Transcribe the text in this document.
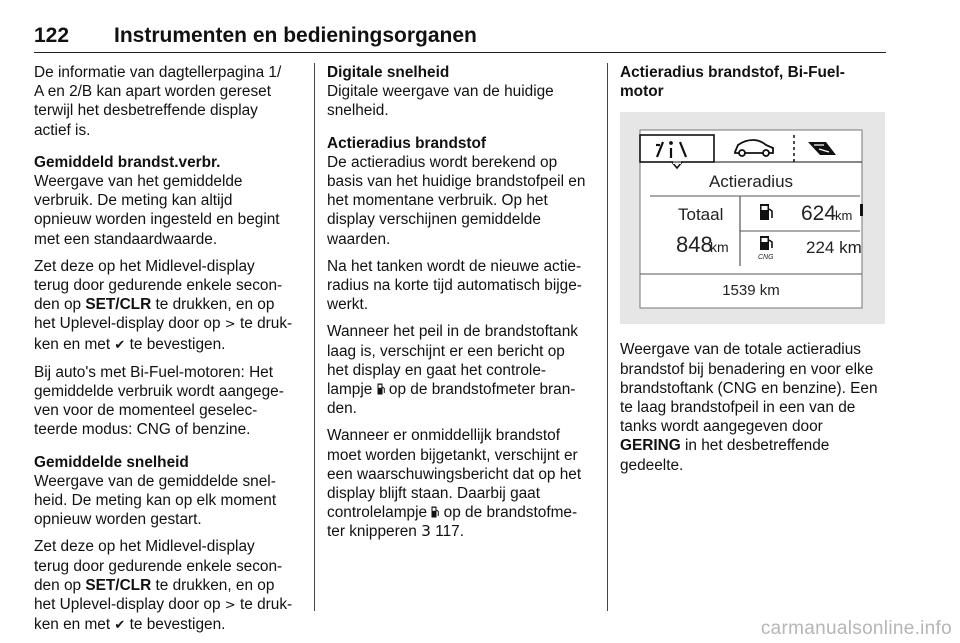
122 Instrumenten en bedieningsorganen

De informatie van dagtellerpagina 1/
A en 2/B kan apart worden gereset
terwijl het desbetreffende display
actief is.

Gemiddeld brandst.verbr.

Weergave van het gemiddelde
verbruik. De meting kan altijd
opnieuw worden ingesteld en begint
met een standaardwaarde.

Zet deze op het Midlevel-display
terug door gedurende enkele secon-
den op SET/CLR te drukken, en op
het Uplevel-display door op > te druk-
ken en met ✔ te bevestigen.

Bij auto's met Bi-Fuel-motoren: Het
gemiddelde verbruik wordt aangege-
ven voor de momenteel geselec-
teerde modus: CNG of benzine.

Gemiddelde snelheid

Weergave van de gemiddelde snel-
heid. De meting kan op elk moment
opnieuw worden gestart.

Zet deze op het Midlevel-display
terug door gedurende enkele secon-
den op SET/CLR te drukken, en op
het Uplevel-display door op > te druk-
ken en met ✔ te bevestigen.

Digitale snelheid

Digitale weergave van de huidige
snelheid.

Actieradius brandstof

De actieradius wordt berekend op
basis van het huidige brandstofpeil en
het momentane verbruik. Op het
display verschijnen gemiddelde
waarden.

Na het tanken wordt de nieuwe actie-
radius na korte tijd automatisch bijge-
werkt.

Wanneer het peil in de brandstoftank
laag is, verschijnt er een bericht op
het display en gaat het controle-
lampje  op de brandstofmeter bran-
den.

Wanneer er onmiddellijk brandstof
moet worden bijgetankt, verschijnt er
een waarschuwingsbericht dat op het
display blijft staan. Daarbij gaat
controlelampje  op de brandstofme-
ter knipperen 3 117.

Actieradius brandstof, Bi-Fuel-motor

Actieradius
Totaal
848
km
624
km
CNG
224 km
1539 km

Weergave van de totale actieradius
brandstof bij benadering en voor elke
brandstoftank (CNG en benzine). Een
te laag brandstofpeil in een van de
tanks wordt aangegeven door
GERING in het desbetreffende
gedeelte.

carmanualsonline.info
